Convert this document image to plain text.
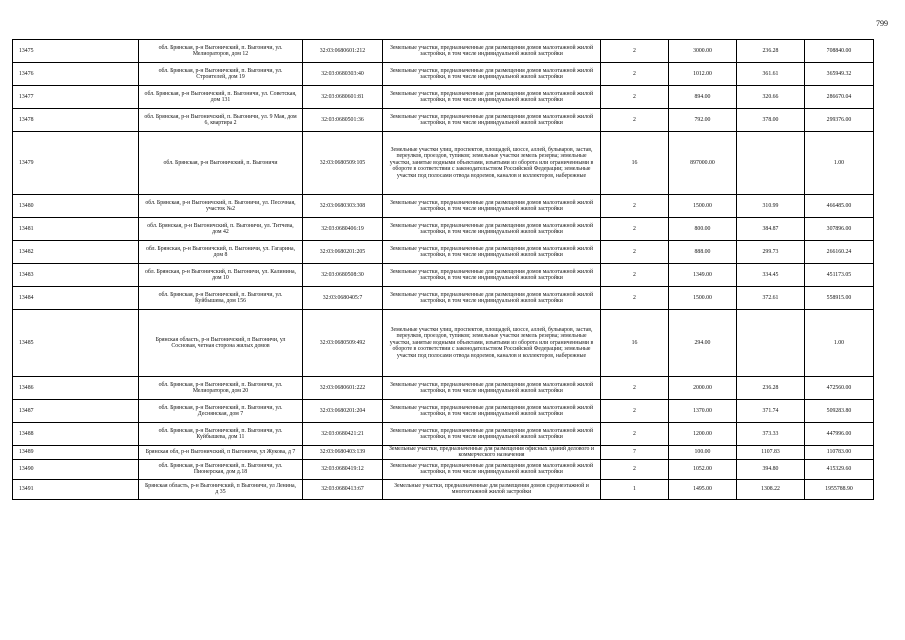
799
13475	обл. Брянская, р-н Выгоничский, п. Выгоничи, ул. Мелиораторов, дом 12	32:03:0680601:212	Земельные участки, предназначенные для размещения домов малоэтажной жилой застройки, в том числе индивидуальной жилой застройки	2	3000.00	236.28	708840.00
13476	обл. Брянская, р-н Выгоничский, п. Выгоничи, ул. Строителей, дом 19	32:03:0680303:40	Земельные участки, предназначенные для размещения домов малоэтажной жилой застройки, в том числе индивидуальной жилой застройки	2	1012.00	361.61	365949.32
13477	обл. Брянская, р-н Выгоничский, п. Выгоничи, ул. Советская, дом 131	32:03:0680601:81	Земельные участки, предназначенные для размещения домов малоэтажной жилой застройки, в том числе индивидуальной жилой застройки	2	894.00	320.66	286670.04
13478	обл. Брянская, р-н Выгоничский, п. Выгоничи, ул. 9 Мая, дом 6, квартира 2	32:03:0680501:36	Земельные участки, предназначенные для размещения домов малоэтажной жилой застройки, в том числе индивидуальной жилой застройки	2	792.00	378.00	299376.00
13479	обл. Брянская, р-н Выгоничский, п. Выгоничи	32:03:0680509:105	Земельные участки улиц, проспектов, площадей, шоссе, аллей, бульваров, застав, переулков, проездов, тупиков; земельные участки земель резерва; земельные участки, занятые водными объектами, изъятыми из оборота или ограниченными в обороте в соответствии с законодательством Российской Федерации; земельные участки под полосами отвода водоемов, каналов и коллекторов, набережные	16	897000.00		1.00
13480	обл. Брянская, р-н Выгоничский, п. Выгоничи, ул. Песочная, участок №2	32:03:0680303:308	Земельные участки, предназначенные для размещения домов малоэтажной жилой застройки, в том числе индивидуальной жилой застройки	2	1500.00	310.99	466485.00
13481	обл. Брянская, р-н Выгоничский, п. Выгоничи, ул. Титчева, дом 42	32:03:0680406:19	Земельные участки, предназначенные для размещения домов малоэтажной жилой застройки, в том числе индивидуальной жилой застройки	2	800.00	384.87	307896.00
13482	обл. Брянская, р-н Выгоничский, п. Выгоничи, ул. Гагарина, дом 8	32:03:0680201:205	Земельные участки, предназначенные для размещения домов малоэтажной жилой застройки, в том числе индивидуальной жилой застройки	2	888.00	299.73	266160.24
13483	обл. Брянская, р-н Выгоничский, п. Выгоничи, ул. Калинина, дом 10	32:03:0680508:30	Земельные участки, предназначенные для размещения домов малоэтажной жилой застройки, в том числе индивидуальной жилой застройки	2	1349.00	334.45	451173.05
13484	обл. Брянская, р-н Выгоничский, п. Выгоничи, ул. Куйбышева, дом 156	32:03:0680405:7	Земельные участки, предназначенные для размещения домов малоэтажной жилой застройки, в том числе индивидуальной жилой застройки	2	1500.00	372.61	558915.00
13485	Брянская область, р-н Выгоничский, п Выгоничи, ул Сосновая, четная сторона жилых домов	32:03:0680509:492	Земельные участки улиц, проспектов, площадей, шоссе, аллей, бульваров, застав, переулков, проездов, тупиков; земельные участки земель резерва; земельные участки, занятые водными объектами, изъятыми из оборота или ограниченными в обороте в соответствии с законодательством Российской Федерации; земельные участки под полосами отвода водоемов, каналов и коллекторов, набережные	16	294.00		1.00
13486	обл. Брянская, р-н Выгоничский, п. Выгоничи, ул. Мелиораторов, дом 20	32:03:0680601:222	Земельные участки, предназначенные для размещения домов малоэтажной жилой застройки, в том числе индивидуальной жилой застройки	2	2000.00	236.28	472560.00
13487	обл. Брянская, р-н Выгоничский, п. Выгоничи, ул. Деснянская, дом 7	32:03:0680201:204	Земельные участки, предназначенные для размещения домов малоэтажной жилой застройки, в том числе индивидуальной жилой застройки	2	1370.00	371.74	509283.80
13488	обл. Брянская, р-н Выгоничский, п. Выгоничи, ул. Куйбышева, дом 11	32:03:0680421:21	Земельные участки, предназначенные для размещения домов малоэтажной жилой застройки, в том числе индивидуальной жилой застройки	2	1200.00	373.33	447996.00
13489	Брянская обл, р-н Выгоничский, п Выгоничи, ул Жукова, д 7	32:03:0680403:139	Земельные участки, предназначенные для размещения офисных зданий делового и коммерческого назначения	7	100.00	1107.83	110783.00
13490	обл. Брянская, р-н Выгоничский, п. Выгоничи, ул. Пионерская, дом д.18	32:03:0680419:12	Земельные участки, предназначенные для размещения домов малоэтажной жилой застройки, в том числе индивидуальной жилой застройки	2	1052.00	394.80	415329.60
13491	Брянская область, р-н Выгоничский, п Выгоничи, ул Ленина, д 35	32:03:0680413:67	Земельные участки, предназначенные для размещения домов среднеэтажной и многоэтажной жилой застройки	1	1495.00	1308.22	1955788.90
